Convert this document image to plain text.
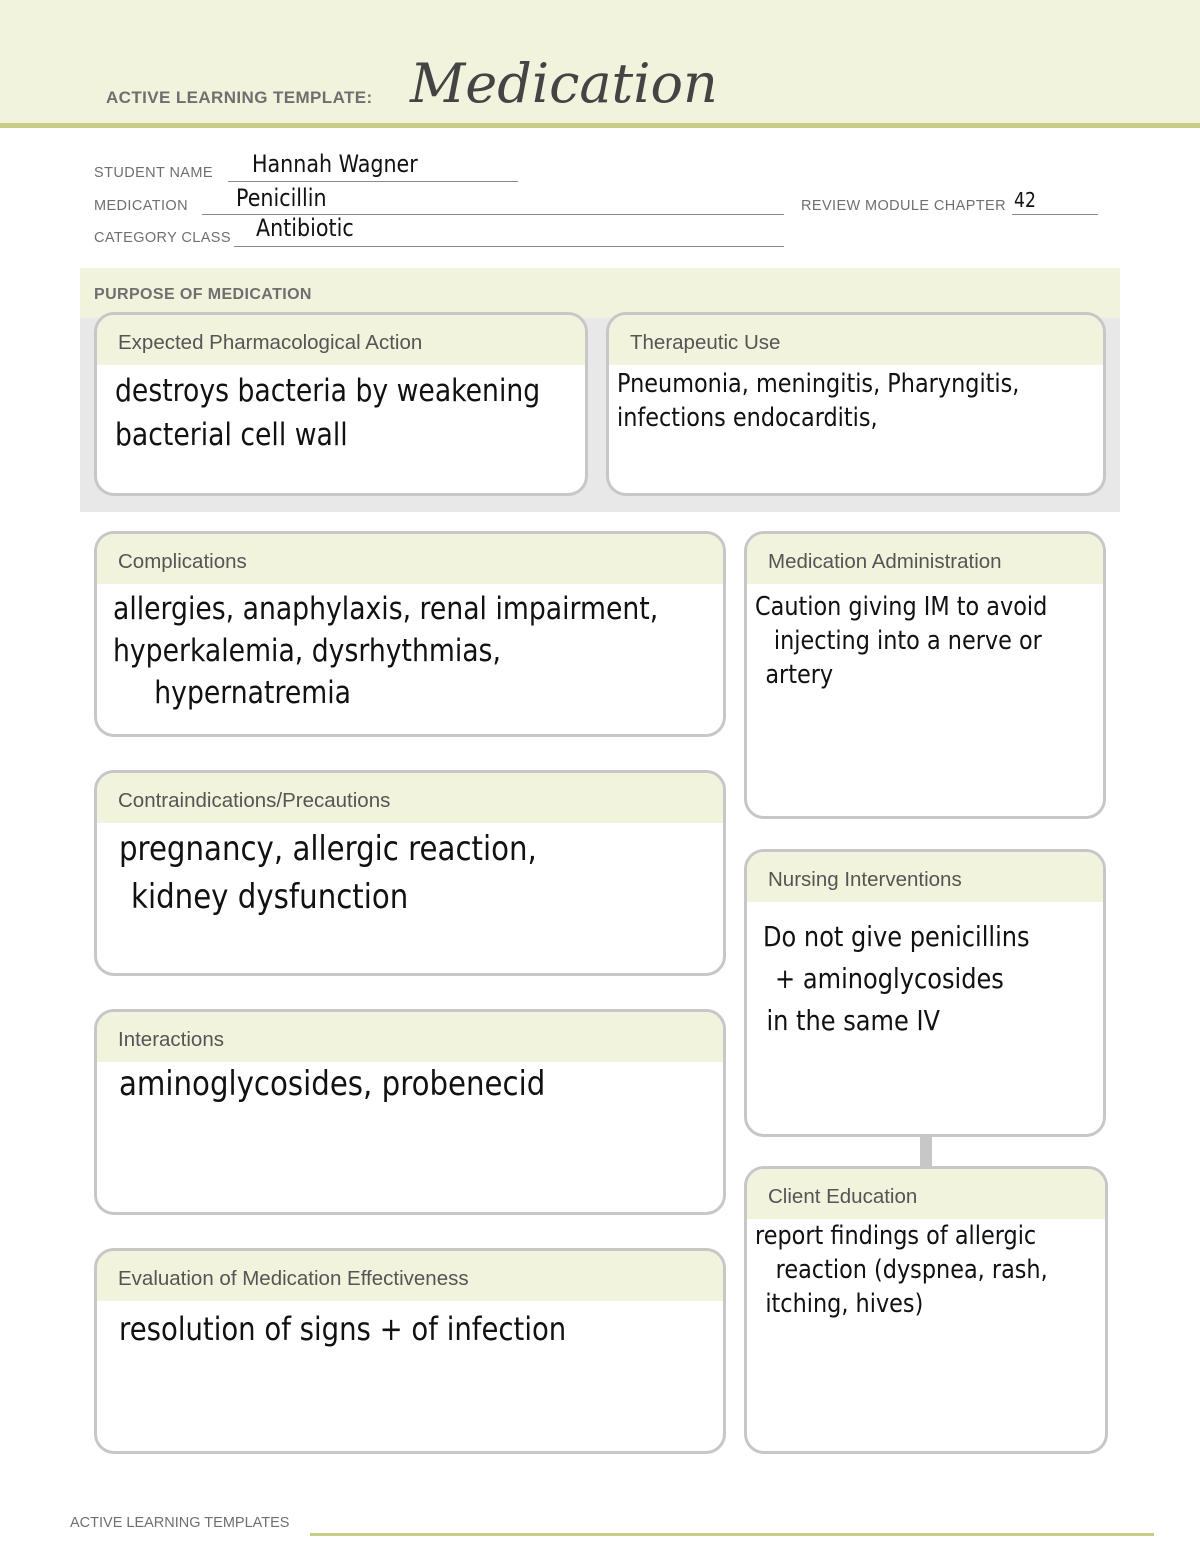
ACTIVE LEARNING TEMPLATE: Medication
STUDENT NAME Hannah Wagner
MEDICATION Penicillin	REVIEW MODULE CHAPTER 42
CATEGORY CLASS Antibiotic
PURPOSE OF MEDICATION
Expected Pharmacological Action
destroys bacteria by weakening
bacterial cell wall
Therapeutic Use
Pneumonia, meningitis, Pharyngitis,
infections endocarditis,
Complications
allergies, anaphylaxis, renal impairment,
hyperkalemia, dysrhythmias,
hypernatremia
Contraindications/Precautions
pregnancy, allergic reaction,
kidney dysfunction
Interactions
aminoglycosides, probenecid
Evaluation of Medication Effectiveness
resolution of signs + of infection
Medication Administration
Caution giving IM to avoid
injecting into a nerve or
artery
Nursing Interventions
Do not give penicillins
+ aminoglycosides
in the same IV
Client Education
report findings of allergic
reaction (dyspnea, rash,
itching, hives)
ACTIVE LEARNING TEMPLATES
